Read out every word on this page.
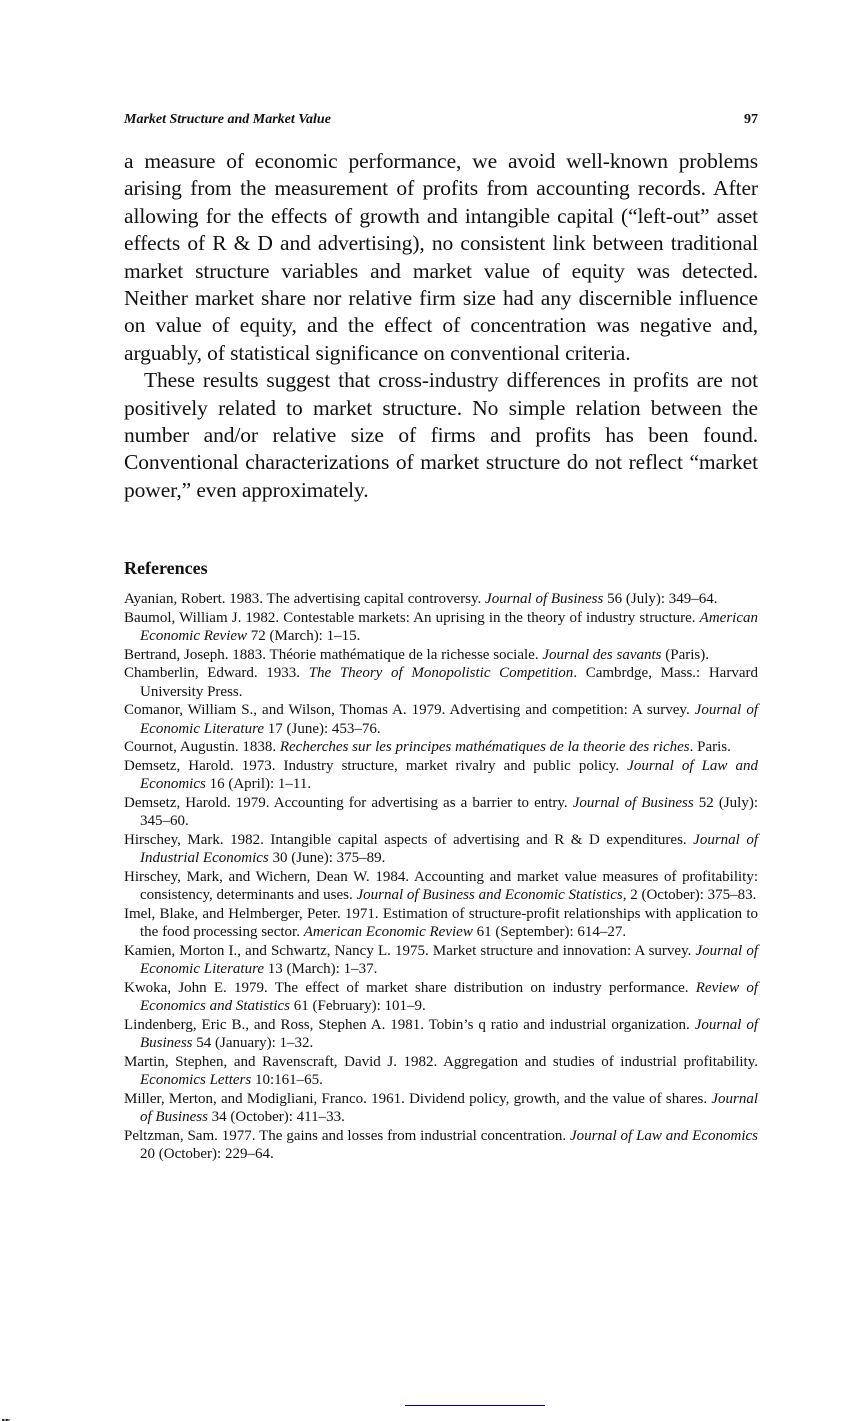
Market Structure and Market Value	97

a measure of economic performance, we avoid well-known problems arising from the measurement of profits from accounting records. After allowing for the effects of growth and intangible capital (“left-out” asset effects of R & D and advertising), no consistent link between traditional market structure variables and market value of equity was detected. Neither market share nor relative firm size had any discernible influence on value of equity, and the effect of concentration was negative and, arguably, of statistical significance on conventional criteria.

These results suggest that cross-industry differences in profits are not positively related to market structure. No simple relation between the number and/or relative size of firms and profits has been found. Conventional characterizations of market structure do not reflect “market power,” even approximately.

References

Ayanian, Robert. 1983. The advertising capital controversy. Journal of Business 56 (July): 349–64.

Baumol, William J. 1982. Contestable markets: An uprising in the theory of industry structure. American Economic Review 72 (March): 1–15.

Bertrand, Joseph. 1883. Théorie mathématique de la richesse sociale. Journal des savants (Paris).

Chamberlin, Edward. 1933. The Theory of Monopolistic Competition. Cambrdge, Mass.: Harvard University Press.

Comanor, William S., and Wilson, Thomas A. 1979. Advertising and competition: A survey. Journal of Economic Literature 17 (June): 453–76.

Cournot, Augustin. 1838. Recherches sur les principes mathématiques de la theorie des riches. Paris.

Demsetz, Harold. 1973. Industry structure, market rivalry and public policy. Journal of Law and Economics 16 (April): 1–11.

Demsetz, Harold. 1979. Accounting for advertising as a barrier to entry. Journal of Business 52 (July): 345–60.

Hirschey, Mark. 1982. Intangible capital aspects of advertising and R & D expenditures. Journal of Industrial Economics 30 (June): 375–89.

Hirschey, Mark, and Wichern, Dean W. 1984. Accounting and market value measures of profitability: consistency, determinants and uses. Journal of Business and Economic Statistics, 2 (October): 375–83.

Imel, Blake, and Helmberger, Peter. 1971. Estimation of structure-profit relationships with application to the food processing sector. American Economic Review 61 (September): 614–27.

Kamien, Morton I., and Schwartz, Nancy L. 1975. Market structure and innovation: A survey. Journal of Economic Literature 13 (March): 1–37.

Kwoka, John E. 1979. The effect of market share distribution on industry performance. Review of Economics and Statistics 61 (February): 101–9.

Lindenberg, Eric B., and Ross, Stephen A. 1981. Tobin’s q ratio and industrial organization. Journal of Business 54 (January): 1–32.

Martin, Stephen, and Ravenscraft, David J. 1982. Aggregation and studies of industrial profitability. Economics Letters 10:161–65.

Miller, Merton, and Modigliani, Franco. 1961. Dividend policy, growth, and the value of shares. Journal of Business 34 (October): 411–33.

Peltzman, Sam. 1977. The gains and losses from industrial concentration. Journal of Law and Economics 20 (October): 229–64.
